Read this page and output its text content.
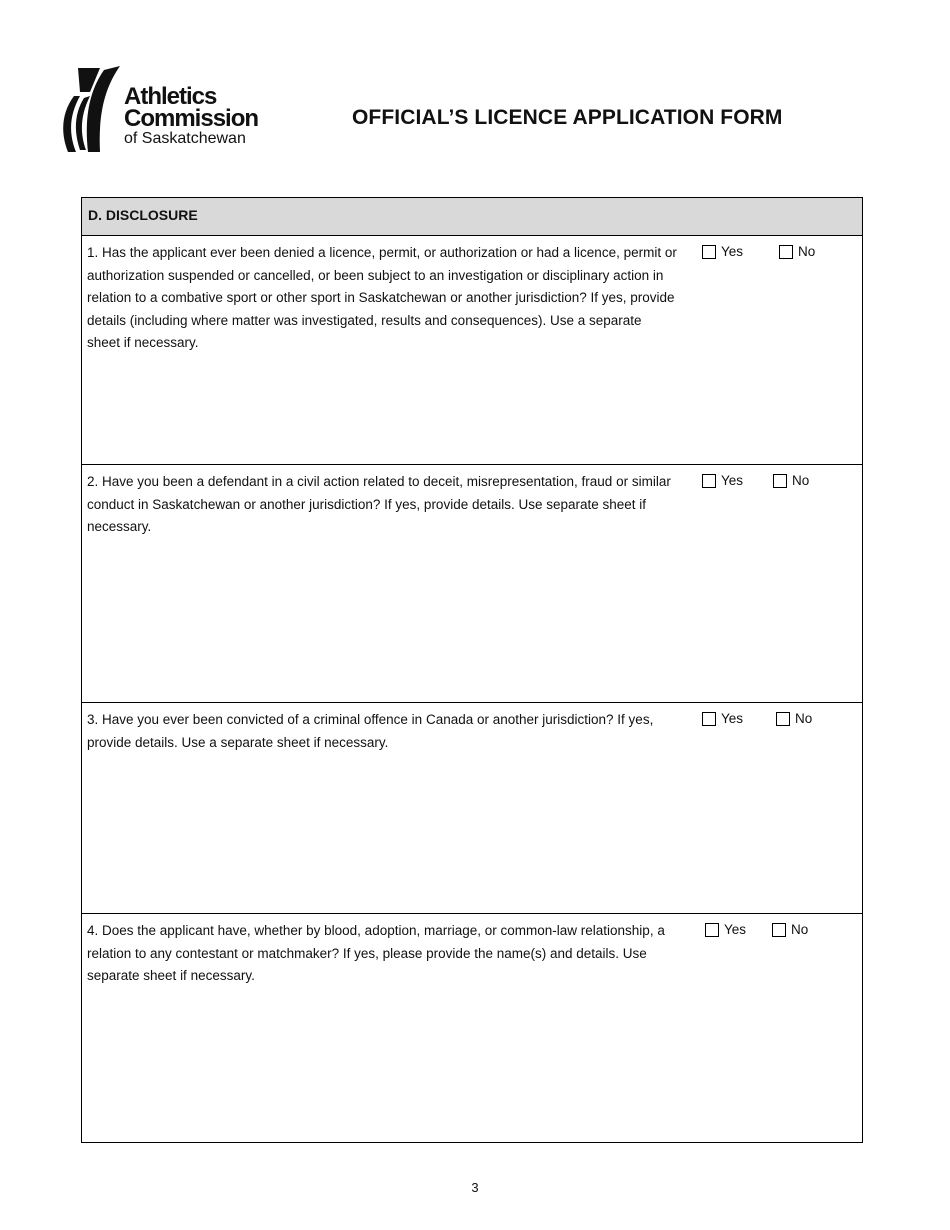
Athletics
Commission
of Saskatchewan
OFFICIAL’S LICENCE APPLICATION FORM
D. DISCLOSURE
1. Has the applicant ever been denied a licence, permit, or authorization or had a licence, permit or authorization suspended or cancelled, or been subject to an investigation or disciplinary action in relation to a combative sport or other sport in Saskatchewan or another jurisdiction? If yes, provide details (including where matter was investigated, results and consequences). Use a separate sheet if necessary.
Yes	No
2. Have you been a defendant in a civil action related to deceit, misrepresentation, fraud or similar conduct in Saskatchewan or another jurisdiction? If yes, provide details. Use separate sheet if necessary.
Yes	No
3. Have you ever been convicted of a criminal offence in Canada or another jurisdiction? If yes, provide details. Use a separate sheet if necessary.
Yes	No
4. Does the applicant have, whether by blood, adoption, marriage, or common-law relationship, a relation to any contestant or matchmaker? If yes, please provide the name(s) and details. Use separate sheet if necessary.
Yes	No
3
